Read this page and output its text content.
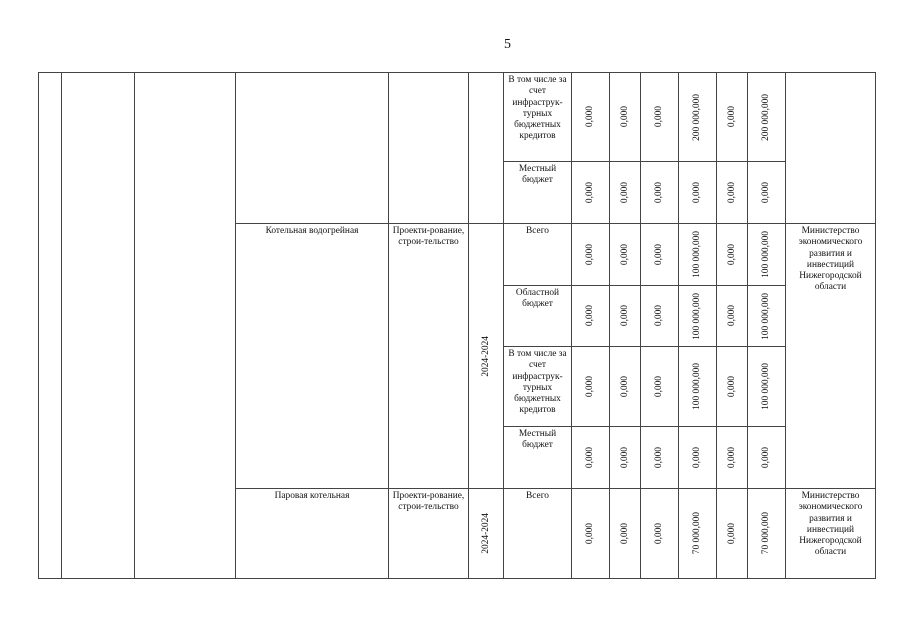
5
						В том числе за счет инфраструк-турных бюджетных кредитов	0,000	0,000	0,000	200 000,000	0,000	200 000,000	

						Местный бюджет	0,000	0,000	0,000	0,000	0,000	0,000	

			Котельная водогрейная	Проекти-рование, строи-тельство	2024-2024	Всего	0,000	0,000	0,000	100 000,000	0,000	100 000,000	Министерство экономического развития и инвестиций Нижегородской области
						Областной бюджет	0,000	0,000	0,000	100 000,000	0,000	100 000,000	

						В том числе за счет инфраструк-турных бюджетных кредитов	0,000	0,000	0,000	100 000,000	0,000	100 000,000	

						Местный бюджет	0,000	0,000	0,000	0,000	0,000	0,000	

			Паровая котельная	Проекти-рование, строи-тельство	2024-2024	Всего	0,000	0,000	0,000	70 000,000	0,000	70 000,000	Министерство экономического развития и инвестиций Нижегородской области
